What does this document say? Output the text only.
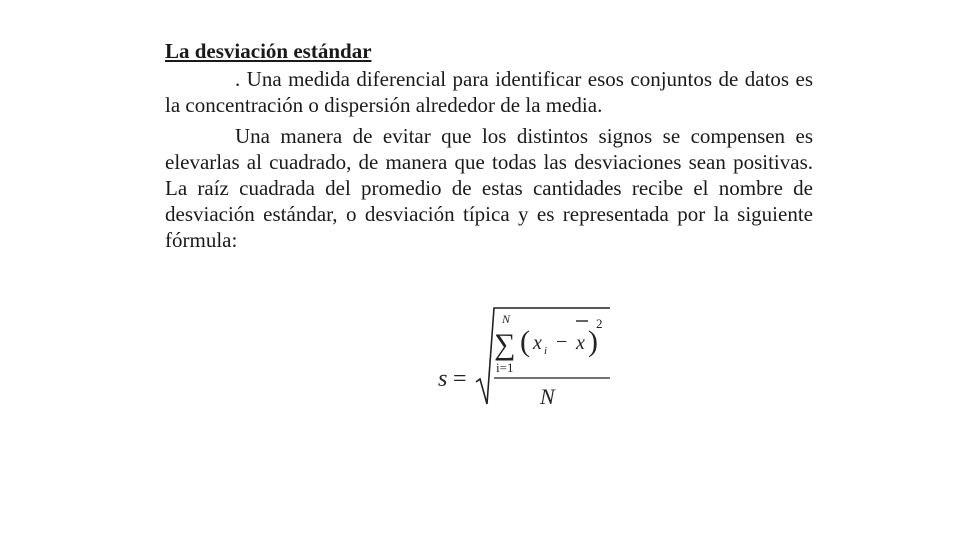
La desviación estándar

. Una medida diferencial para identificar esos conjuntos de datos es la concentración o dispersión alrededor de la media.

Una manera de evitar que los distintos signos se compensen es elevarlas al cuadrado, de manera que todas las desviaciones sean positivas. La raíz cuadrada del promedio de estas cantidades recibe el nombre de desviación estándar, o desviación típica y es representada por la siguiente fórmula:

s =
N
∑
i=1
( x i − x )
2
N
